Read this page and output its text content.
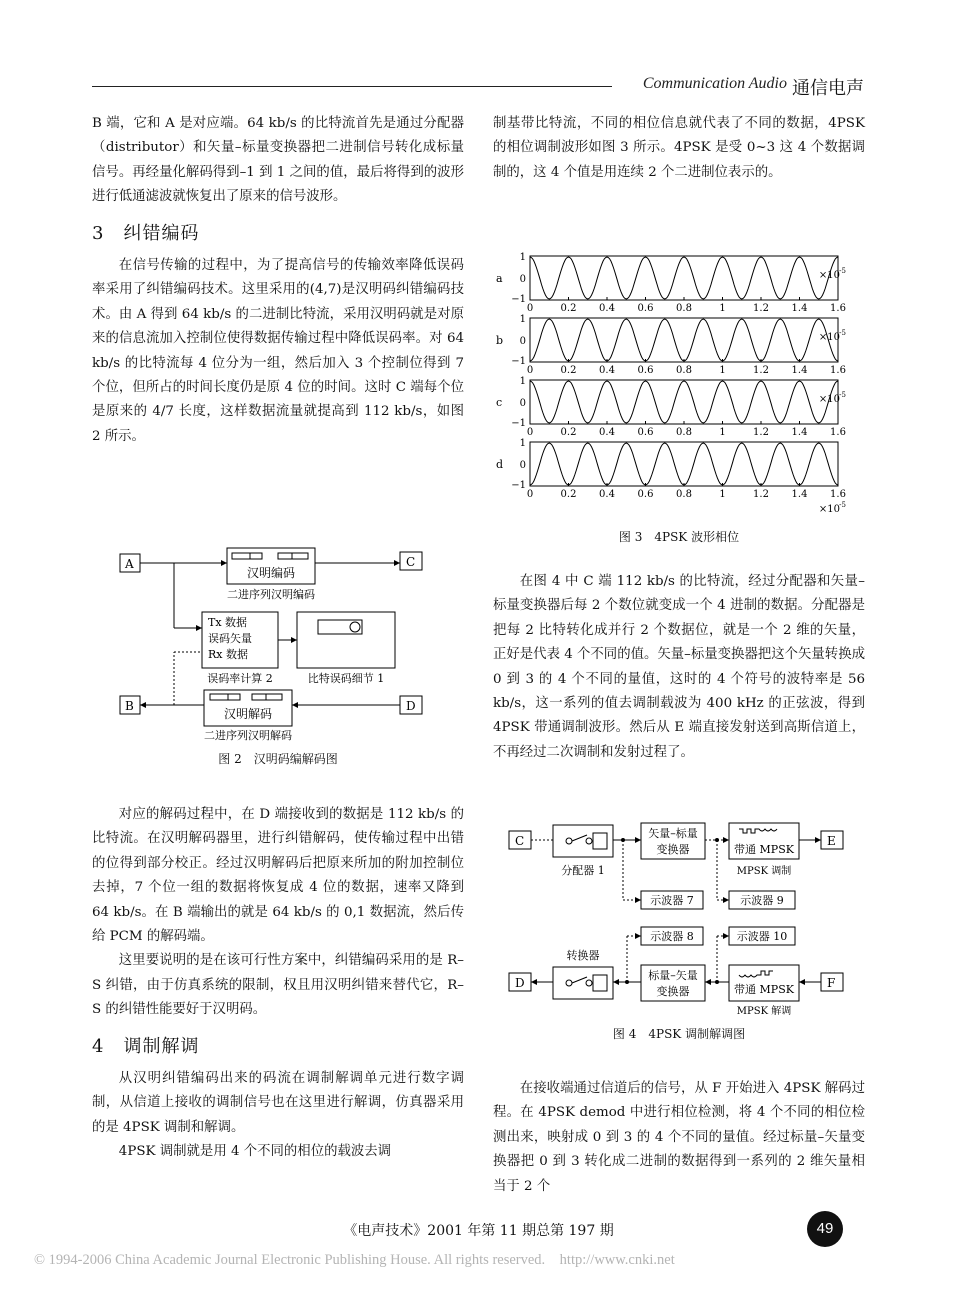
Communication Audio 通信电声

B 端，它和 A 是对应端。64 kb/s 的比特流首先是通过分配器（distributor）和矢量–标量变换器把二进制信号转化成标量信号。再经量化解码得到–1 到 1 之间的值，最后将得到的波形进行低通滤波就恢复出了原来的信号波形。

3　纠错编码

在信号传输的过程中，为了提高信号的传输效率降低误码率采用了纠错编码技术。这里采用的(4,7)是汉明码纠错编码技术。由 A 得到 64 kb/s 的二进制比特流，采用汉明码就是对原来的信息流加入控制位使得数据传输过程中降低误码率。对 64 kb/s 的比特流每 4 位分为一组，然后加入 3 个控制位得到 7 个位，但所占的时间长度仍是原 4 位的时间。这时 C 端每个位是原来的 4/7 长度，这样数据流量就提高到 112 kb/s，如图 2 所示。

A	C
B	D
汉明编码
二进序列汉明编码
Tx 数据
误码矢量
Rx 数据
误码率计算 2	比特误码细节 1
汉明解码
二进序列汉明解码
图 2　汉明码编解码图

对应的解码过程中，在 D 端接收到的数据是 112 kb/s 的比特流。在汉明解码器里，进行纠错解码，使传输过程中出错的位得到部分校正。经过汉明解码后把原来所加的附加控制位去掉，7 个位一组的数据将恢复成 4 位的数据，速率又降到 64 kb/s。在 B 端输出的就是 64 kb/s 的 0,1 数据流，然后传给 PCM 的解码端。

这里要说明的是在该可行性方案中，纠错编码采用的是 R–S 纠错，由于仿真系统的限制，权且用汉明纠错来替代它，R–S 的纠错性能要好于汉明码。

4　调制解调

从汉明纠错编码出来的码流在调制解调单元进行数字调制，从信道上接收的调制信号也在这里进行解调，仿真器采用的是 4PSK 调制和解调。

4PSK 调制就是用 4 个不同的相位的载波去调

制基带比特流，不同的相位信息就代表了不同的数据，4PSK 的相位调制波形如图 3 所示。4PSK 是受 0~3 这 4 个数据调制的，这 4 个值是用连续 2 个二进制位表示的。

a
1
0
−1
0	0.2 0.4 0.6 0.8	1	1.2 1.4 1.6
×10 -5
b
1
0
−1
0	0.2 0.4 0.6 0.8	1	1.2 1.4 1.6
×10 -5
c
1
0
−1
0	0.2 0.4 0.6 0.8	1	1.2 1.4 1.6
×10 -5
d
1
0
−1
0	0.2 0.4 0.6 0.8	1	1.2 1.4 1.6
×10 -5
图 3　4PSK 波形相位

在图 4 中 C 端 112 kb/s 的比特流，经过分配器和矢量–标量变换器后每 2 个数位就变成一个 4 进制的数据。分配器是把每 2 比特转化成并行 2 个数据位，就是一个 2 维的矢量，正好是代表 4 个不同的值。矢量–标量变换器把这个矢量转换成 0 到 3 的 4 个不同的量值，这时的 4 个符号的波特率是 56 kb/s，这一系列的值去调制载波为 400 kHz 的正弦波，得到 4PSK 带通调制波形。然后从 E 端直接发射送到高斯信道上，不再经过二次调制和发射过程了。

C	E
D	F
分配器 1
转换器
矢量–标量
变换器
标量–矢量
变换器
带通 MPSK
MPSK 调制
带通 MPSK
MPSK 解调
示波器 7	示波器 9
示波器 8	示波器 10
图 4　4PSK 调制解调图

在接收端通过信道后的信号，从 F 开始进入 4PSK 解码过程。在 4PSK demod 中进行相位检测，将 4 个不同的相位检测出来，映射成 0 到 3 的 4 个不同的量值。经过标量–矢量变换器把 0 到 3 转化成二进制的数据得到一系列的 2 维矢量相当于 2 个

《电声技术》2001 年第 11 期总第 197 期	49
© 1994-2006 China Academic Journal Electronic Publishing House. All rights reserved.　http://www.cnki.net
